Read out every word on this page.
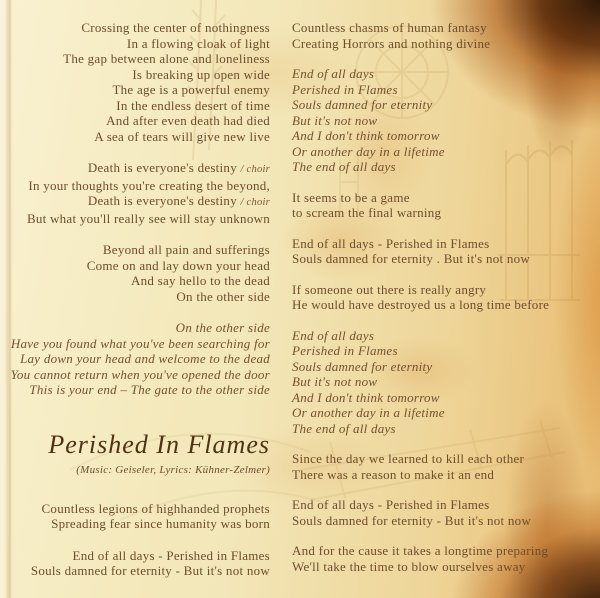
Crossing the center of nothingness
In a flowing cloak of light
The gap between alone and loneliness
Is breaking up open wide
The age is a powerful enemy
In the endless desert of time
And after even death had died
A sea of tears will give new live
Death is everyone's destiny / choir
In your thoughts you're creating the beyond,
Death is everyone's destiny / choir
But what you'll really see will stay unknown
Beyond all pain and sufferings
Come on and lay down your head
And say hello to the dead
On the other side
On the other side
Have you found what you've been searching for
Lay down your head and welcome to the dead
You cannot return when you've opened the door
This is your end – The gate to the other side
Perished In Flames
(Music: Geiseler, Lyrics: Kühner-Zelmer)
Countless legions of highhanded prophets
Spreading fear since humanity was born
End of all days - Perished in Flames
Souls damned for eternity - But it's not now
Countless chasms of human fantasy
Creating Horrors and nothing divine
End of all days
Perished in Flames
Souls damned for eternity
But it's not now
And I don't think tomorrow
Or another day in a lifetime
The end of all days
It seems to be a game
to scream the final warning
End of all days - Perished in Flames
Souls damned for eternity . But it's not now
If someone out there is really angry
He would have destroyed us a long time before
End of all days
Perished in Flames
Souls damned for eternity
But it's not now
And I don't think tomorrow
Or another day in a lifetime
The end of all days
Since the day we learned to kill each other
There was a reason to make it an end
End of all days - Perished in Flames
Souls damned for eternity - But it's not now
And for the cause it takes a longtime preparing
We'll take the time to blow ourselves away
